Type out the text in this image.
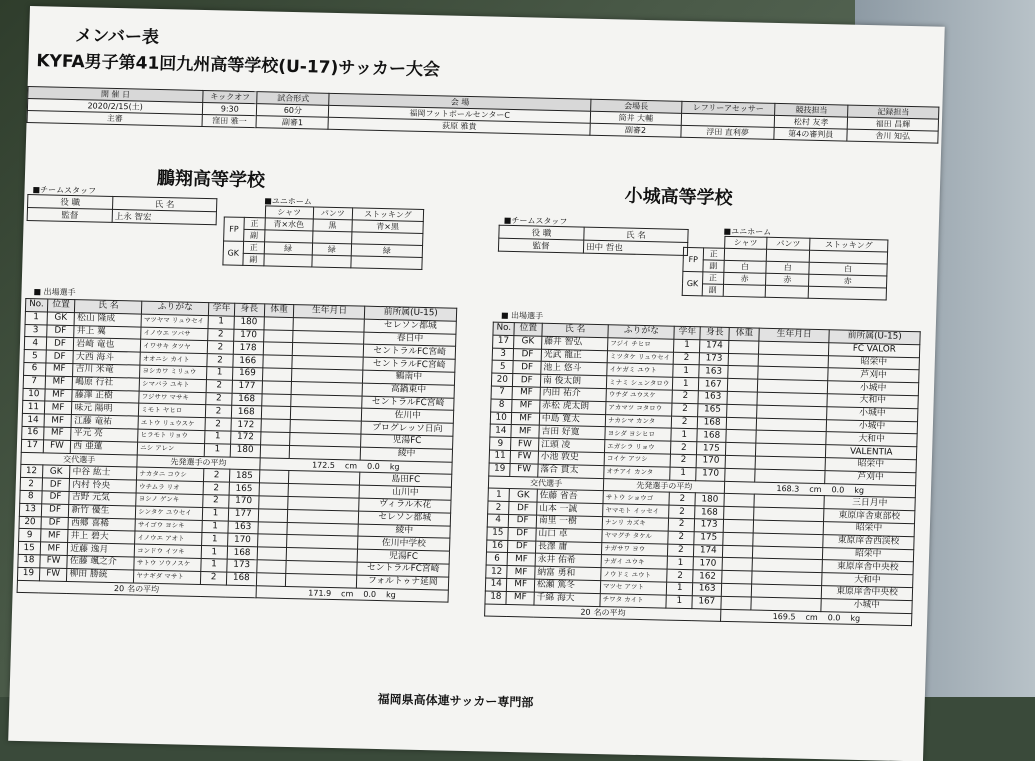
メンバー表
KYFA男子第41回九州高等学校(U-17)サッカー大会
開 催 日	キックオフ	試合形式	会 場	会場長	レフリーアセッサー	競技担当	記録担当
2020/2/15(土)	9:30	60分	福岡フットボールセンターC	筒井 大輔		松村 友孝	福田 昌輝
主審	窪田 雅一	副審1	荻原 雅貴	副審2	浮田 直利夢	第4の審判員	舎川 知弘
鵬翔高等学校
小城高等学校
■チームスタッフ
役 職	氏 名
監督	上永 智宏
■ユニホーム
		シャツ	パンツ	ストッキング
FP	正	青×水色	黒	青×黒
	副			
GK	正	緑	緑	緑
	副			
■ 出場選手
No.	位置	氏 名	ふりがな	学年	身長	体重	生年月日	前所属(U-15)
1	GK	松山 隆成	マツヤマ リュウセイ	1	180			セレソン都城
3	DF	井上 翼	イノウエ ツバサ	2	170			春日中
4	DF	岩崎 竜也	イワサキ タツヤ	2	178			セントラルFC宮崎
5	DF	大西 海斗	オオニシ カイト	2	166			セントラルFC宮崎
6	MF	吉川 米竜	ヨシカワ ミリュウ	1	169			鶴南中
7	MF	嶋原 行社	シマバラ ユキト	2	177			高鍋東中
10	MF	藤澤 正樹	フジサワ マサキ	2	168			セントラルFC宮崎
11	MF	味元 陽明	ミモト ヤヒロ	2	168			佐川中
14	MF	江藤 竜祐	エトウ リュウスケ	2	172			プログレッソ日向
16	MF	平元 亮	ヒラモト リョウ	1	172			児湯FC
17	FW	西 亜蓮	ニシ アレン	1	180			綾中
交代選手			先発選手の平均			172.5 cm 0.0 kg		
12	GK	中谷 紘士	ナカタニ コウシ	2	185			島田FC
2	DF	内村 怜央	ウチムラ リオ	2	165			山川中
8	DF	吉野 元気	ヨシノ ゲンキ	2	170			ヴィラル木花
13	DF	新竹 優生	シンタケ ユウセイ	1	177			セレソン都城
20	DF	西郷 喜稀	サイゴウ ヨシキ	1	163			綾中
9	MF	井上 碧大	イノウエ アオト	1	170			佐川中学校
15	MF	近藤 逸月	コンドウ イツキ	1	168			児湯FC
18	FW	佐藤 颯之介	サトウ ソウノスケ	1	173			セントラルFC宮崎
19	FW	柳田 勝統	ヤナギダ マサト	2	168			フォルトゥナ延岡
20 名の平均						171.9 cm 0.0 kg		
■チームスタッフ
役 職	氏 名
監督	田中 哲也
■ユニホーム
		シャツ	パンツ	ストッキング
FP	正			
	副	白	白	白
GK	正	赤	赤	赤
	副			
■ 出場選手
No.	位置	氏 名	ふりがな	学年	身長	体重	生年月日	前所属(U-15)
17	GK	藤井 智弘	フジイ チヒロ	1	174			FC VALOR
3	DF	光武 龍正	ミツタケ リュウセイ	2	173			昭栄中
5	DF	池上 悠斗	イケガミ ユウト	1	163			芦刈中
20	DF	南 俊太朗	ミナミ シュンタロウ	1	167			小城中
7	MF	内田 祐介	ウチダ ユウスケ	2	163			大和中
8	MF	赤松 虎太朗	アカマツ コタロウ	2	165			小城中
10	MF	中島 寛太	ナカシマ カンタ	2	168			小城中
14	MF	吉田 好寛	ヨシダ ヨシヒロ	1	168			大和中
9	FW	江頭 凌	エガシラ リョウ	2	175			VALENTIA
11	FW	小池 敦史	コイケ アツシ	2	170			昭栄中
19	FW	落合 貫太	オチアイ カンタ	1	170			芦刈中
交代選手			先発選手の平均			168.3 cm 0.0 kg		
1	GK	佐藤 省吾	サトウ ショウゴ	2	180			三日月中
2	DF	山本 一誠	ヤマモト イッセイ	2	168			東原庠舎東部校
4	DF	南里 一樹	ナンリ カズキ	2	173			昭栄中
15	DF	山口 卓	ヤマグチ タケル	2	175			東原庠舎西渓校
16	DF	長澤 庸	ナガサワ ヨウ	2	174			昭栄中
6	MF	永井 佑希	ナガイ ユウキ	1	170			東原庠舎中央校
12	MF	納富 勇和	ノウドミ ユウト	2	162			大和中
14	MF	松瀬 篤冬	マツセ アツト	1	163			東原庠舎中央校
18	MF	千綿 海大	チワタ カイト	1	167			小城中
20 名の平均						169.5 cm 0.0 kg		
福岡県高体連サッカー専門部
